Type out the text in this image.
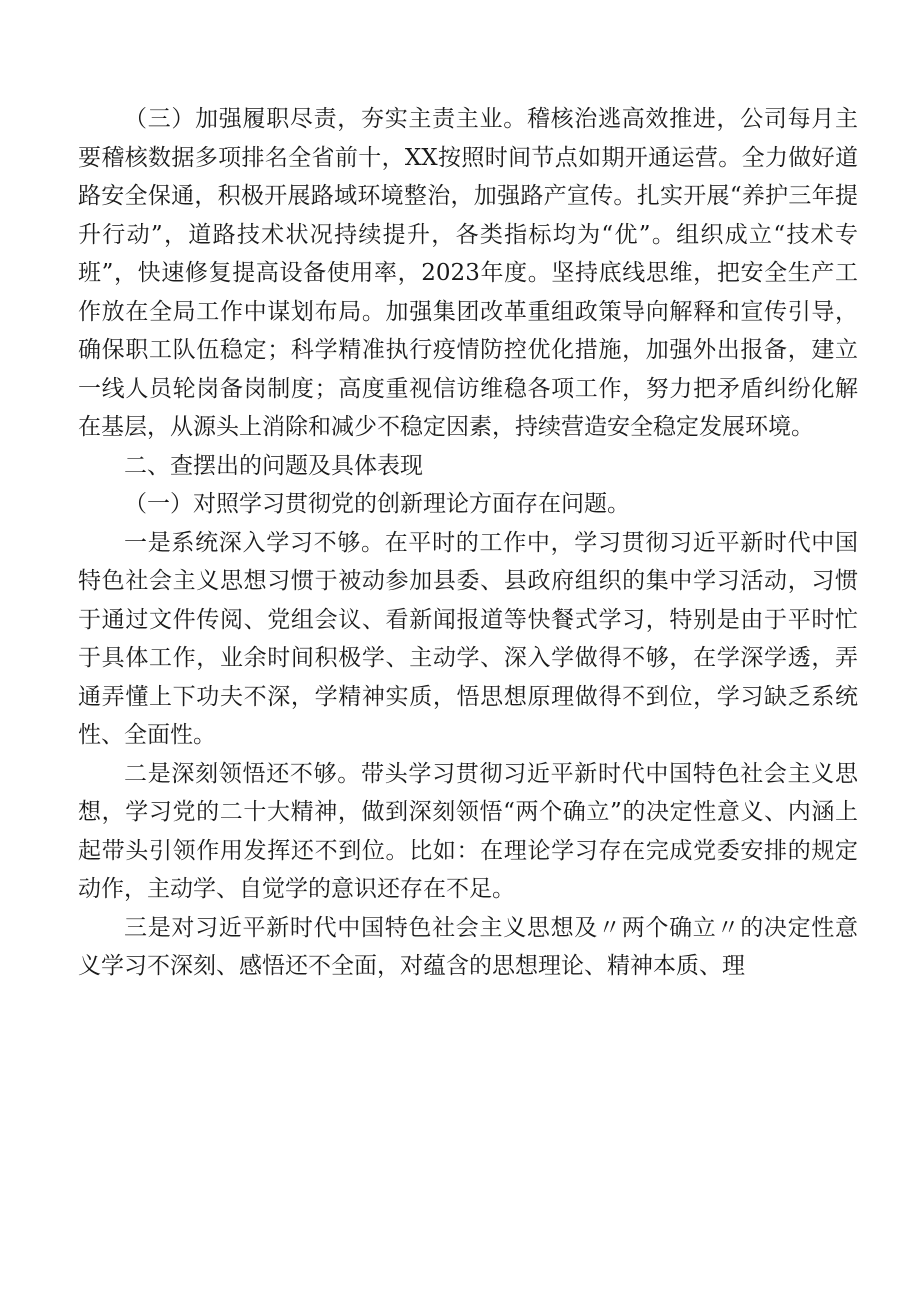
（三）加强履职尽责，夯实主责主业。稽核治逃高效推进，公司每月主要稽核数据多项排名全省前十，XX按照时间节点如期开通运营。全力做好道路安全保通，积极开展路域环境整治，加强路产宣传。扎实开展“养护三年提升行动”，道路技术状况持续提升，各类指标均为“优”。组织成立“技术专班”，快速修复提高设备使用率，2023年度。坚持底线思维，把安全生产工作放在全局工作中谋划布局。加强集团改革重组政策导向解释和宣传引导，确保职工队伍稳定；科学精准执行疫情防控优化措施，加强外出报备，建立一线人员轮岗备岗制度；高度重视信访维稳各项工作，努力把矛盾纠纷化解在基层，从源头上消除和减少不稳定因素，持续营造安全稳定发展环境。

二、查摆出的问题及具体表现

（一）对照学习贯彻党的创新理论方面存在问题。

一是系统深入学习不够。在平时的工作中，学习贯彻习近平新时代中国特色社会主义思想习惯于被动参加县委、县政府组织的集中学习活动，习惯于通过文件传阅、党组会议、看新闻报道等快餐式学习，特别是由于平时忙于具体工作，业余时间积极学、主动学、深入学做得不够，在学深学透，弄通弄懂上下功夫不深，学精神实质，悟思想原理做得不到位，学习缺乏系统性、全面性。

二是深刻领悟还不够。带头学习贯彻习近平新时代中国特色社会主义思想，学习党的二十大精神，做到深刻领悟“两个确立”的决定性意义、内涵上起带头引领作用发挥还不到位。比如：在理论学习存在完成党委安排的规定动作，主动学、自觉学的意识还存在不足。

三是对习近平新时代中国特色社会主义思想及〃两个确立〃的决定性意义学习不深刻、感悟还不全面，对蕴含的思想理论、精神本质、理
